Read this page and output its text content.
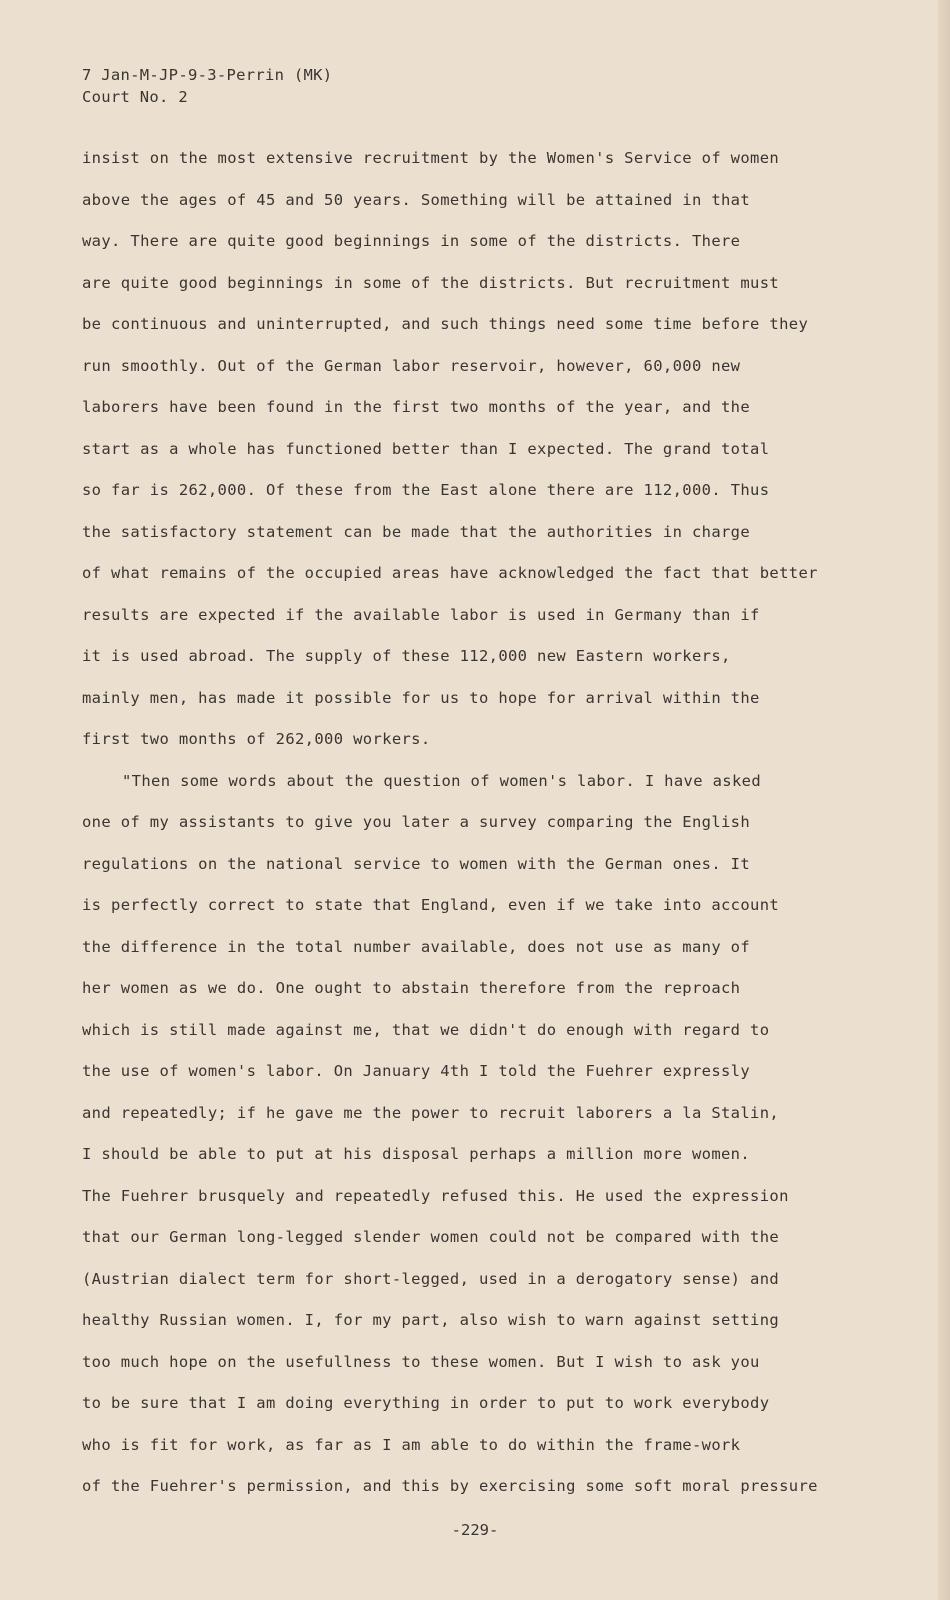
7 Jan-M-JP-9-3-Perrin (MK)
Court No. 2
insist on the most extensive recruitment by the Women's Service of women
above the ages of 45 and 50 years. Something will be attained in that
way. There are quite good beginnings in some of the districts. There
are quite good beginnings in some of the districts. But recruitment must
be continuous and uninterrupted, and such things need some time before they
run smoothly. Out of the German labor reservoir, however, 60,000 new
laborers have been found in the first two months of the year, and the
start as a whole has functioned better than I expected. The grand total
so far is 262,000. Of these from the East alone there are 112,000. Thus
the satisfactory statement can be made that the authorities in charge
of what remains of the occupied areas have acknowledged the fact that better
results are expected if the available labor is used in Germany than if
it is used abroad. The supply of these 112,000 new Eastern workers,
mainly men, has made it possible for us to hope for arrival within the
first two months of 262,000 workers.
"Then some words about the question of women's labor. I have asked
one of my assistants to give you later a survey comparing the English
regulations on the national service to women with the German ones. It
is perfectly correct to state that England, even if we take into account
the difference in the total number available, does not use as many of
her women as we do. One ought to abstain therefore from the reproach
which is still made against me, that we didn't do enough with regard to
the use of women's labor. On January 4th I told the Fuehrer expressly
and repeatedly; if he gave me the power to recruit laborers a la Stalin,
I should be able to put at his disposal perhaps a million more women.
The Fuehrer brusquely and repeatedly refused this. He used the expression
that our German long-legged slender women could not be compared with the
(Austrian dialect term for short-legged, used in a derogatory sense) and
healthy Russian women. I, for my part, also wish to warn against setting
too much hope on the usefullness to these women. But I wish to ask you
to be sure that I am doing everything in order to put to work everybody
who is fit for work, as far as I am able to do within the frame-work
of the Fuehrer's permission, and this by exercising some soft moral pressure
-229-
